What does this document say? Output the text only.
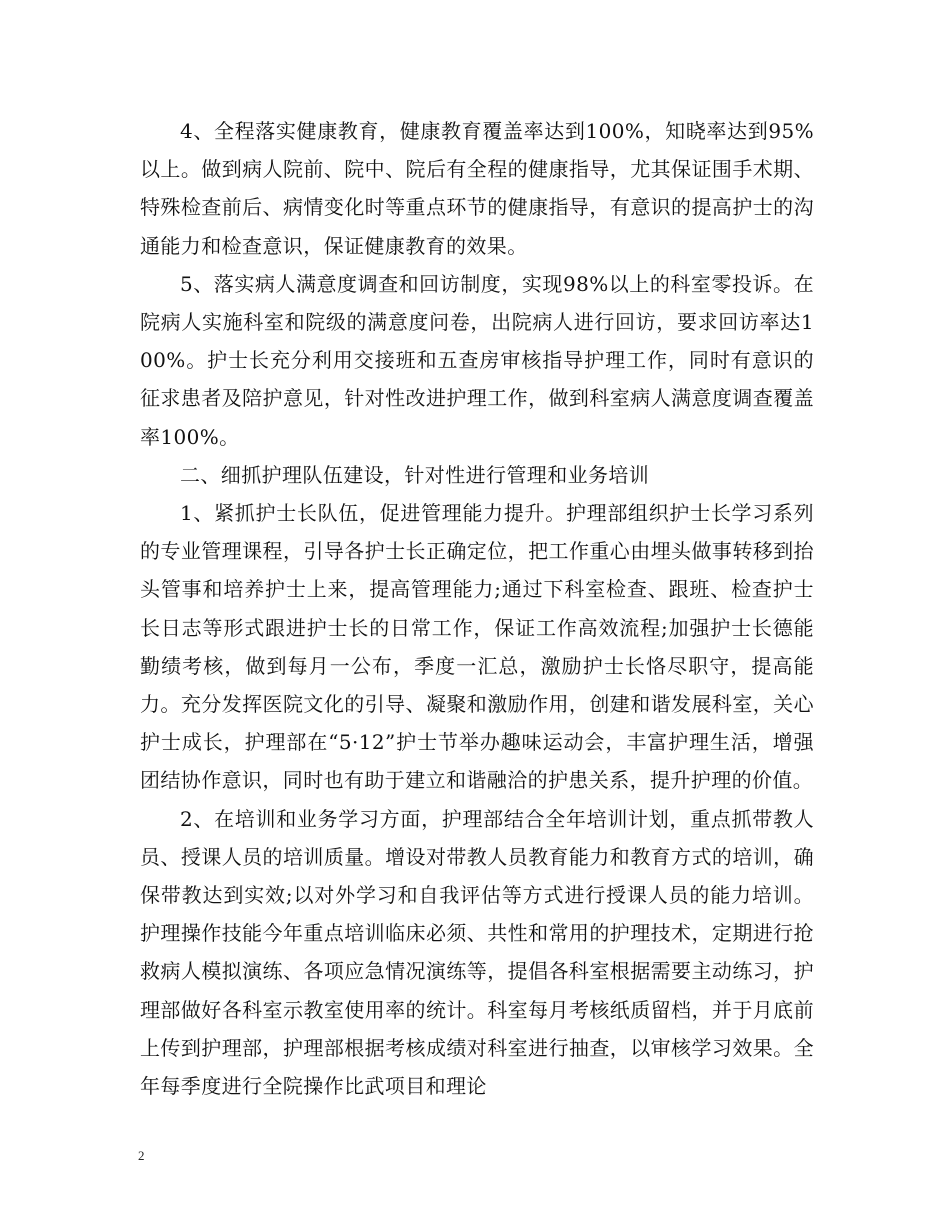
4、全程落实健康教育，健康教育覆盖率达到100%，知晓率达到95%以上。做到病人院前、院中、院后有全程的健康指导，尤其保证围手术期、特殊检查前后、病情变化时等重点环节的健康指导，有意识的提高护士的沟通能力和检查意识，保证健康教育的效果。

5、落实病人满意度调查和回访制度，实现98%以上的科室零投诉。在院病人实施科室和院级的满意度问卷，出院病人进行回访，要求回访率达100%。护士长充分利用交接班和五查房审核指导护理工作，同时有意识的征求患者及陪护意见，针对性改进护理工作，做到科室病人满意度调查覆盖率100%。

二、细抓护理队伍建设，针对性进行管理和业务培训

1、紧抓护士长队伍，促进管理能力提升。护理部组织护士长学习系列的专业管理课程，引导各护士长正确定位，把工作重心由埋头做事转移到抬头管事和培养护士上来，提高管理能力;通过下科室检查、跟班、检查护士长日志等形式跟进护士长的日常工作，保证工作高效流程;加强护士长德能勤绩考核，做到每月一公布，季度一汇总，激励护士长恪尽职守，提高能力。充分发挥医院文化的引导、凝聚和激励作用，创建和谐发展科室，关心护士成长，护理部在“5·12”护士节举办趣味运动会，丰富护理生活，增强团结协作意识，同时也有助于建立和谐融洽的护患关系，提升护理的价值。

2、在培训和业务学习方面，护理部结合全年培训计划，重点抓带教人员、授课人员的培训质量。增设对带教人员教育能力和教育方式的培训，确保带教达到实效;以对外学习和自我评估等方式进行授课人员的能力培训。护理操作技能今年重点培训临床必须、共性和常用的护理技术，定期进行抢救病人模拟演练、各项应急情况演练等，提倡各科室根据需要主动练习，护理部做好各科室示教室使用率的统计。科室每月考核纸质留档，并于月底前上传到护理部，护理部根据考核成绩对科室进行抽查，以审核学习效果。全年每季度进行全院操作比武项目和理论

2
